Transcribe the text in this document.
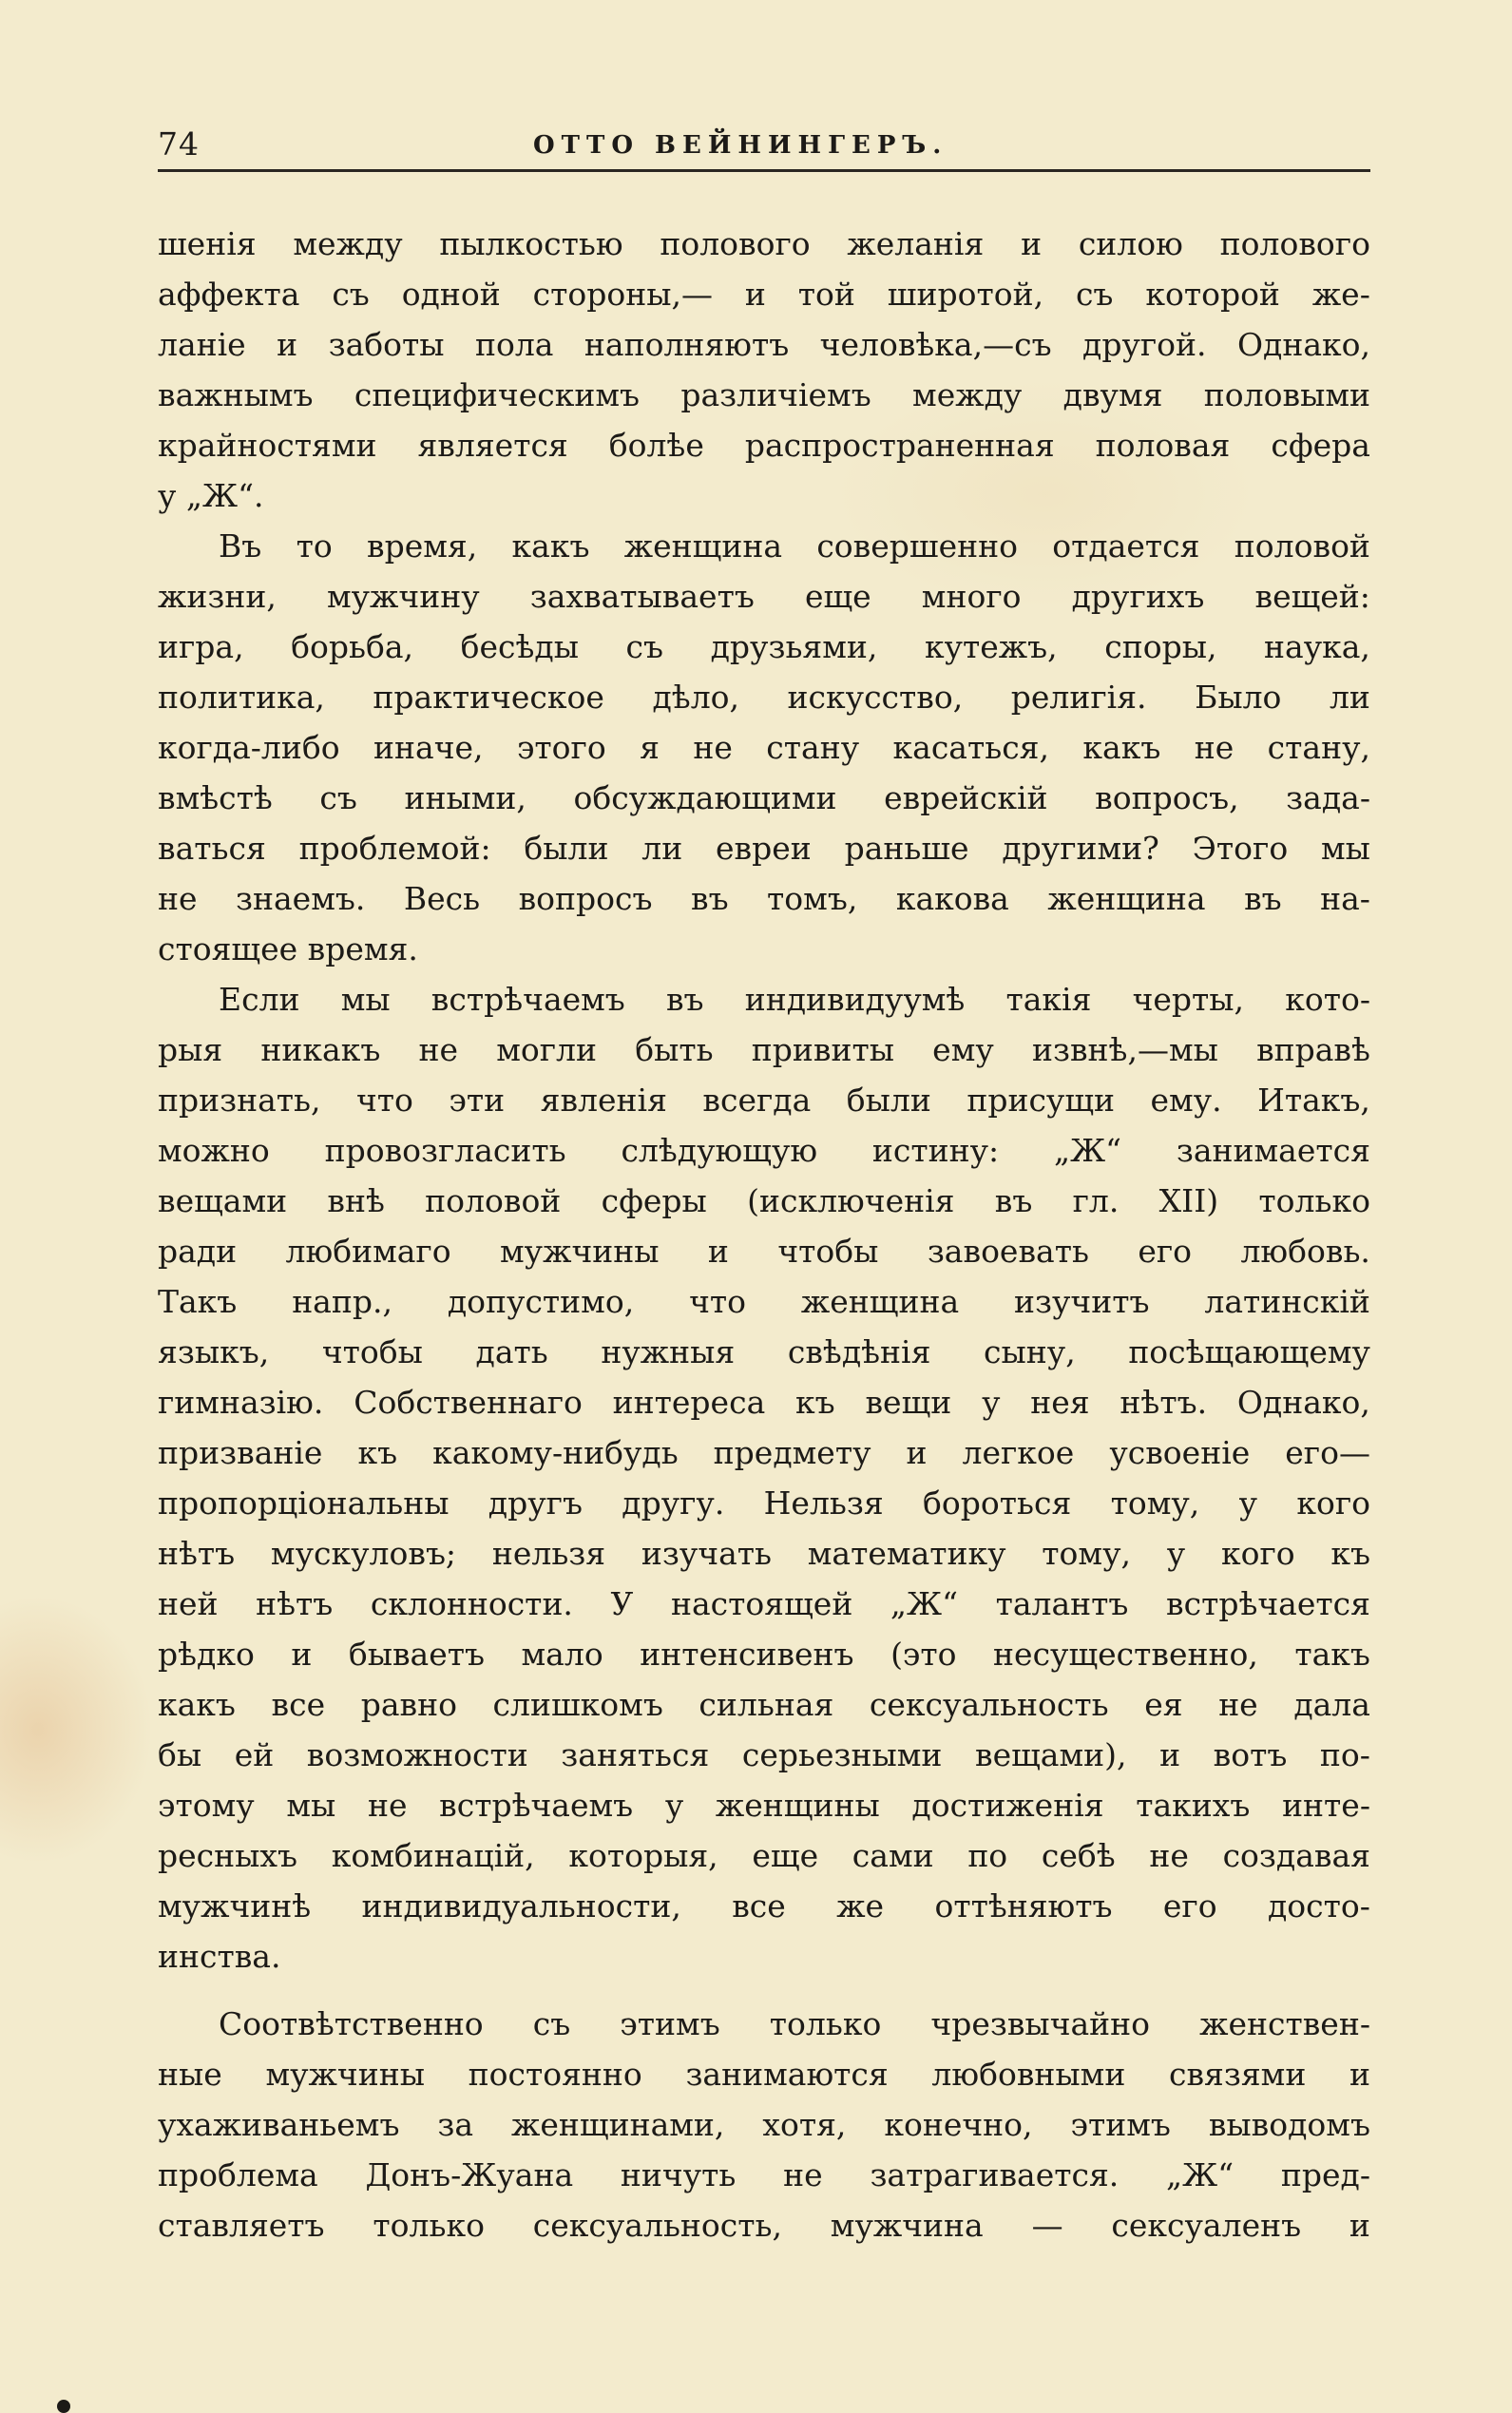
74	ОТТО ВЕЙНИНГЕРЪ.
шенія между пылкостью полового желанія и силою полового
аффекта съ одной стороны,— и той широтой, съ которой же-
ланіе и заботы пола наполняютъ человѣка,—съ другой. Однако,
важнымъ специфическимъ различіемъ между двумя половыми
крайностями является болѣе распространенная половая сфера
у „Ж“.
Въ то время, какъ женщина совершенно отдается половой
жизни, мужчину захватываетъ еще много другихъ вещей:
игра, борьба, бесѣды съ друзьями, кутежъ, споры, наука,
политика, практическое дѣло, искусство, религія. Было ли
когда-либо иначе, этого я не стану касаться, какъ не стану,
вмѣстѣ съ иными, обсуждающими еврейскій вопросъ, зада-
ваться проблемой: были ли евреи раньше другими? Этого мы
не знаемъ. Весь вопросъ въ томъ, какова женщина въ на-
стоящее время.
Если мы встрѣчаемъ въ индивидуумѣ такія черты, кото-
рыя никакъ не могли быть привиты ему извнѣ,—мы вправѣ
признать, что эти явленія всегда были присущи ему. Итакъ,
можно провозгласить слѣдующую истину: „Ж“ занимается
вещами внѣ половой сферы (исключенія въ гл. XII) только
ради любимаго мужчины и чтобы завоевать его любовь.
Такъ напр., допустимо, что женщина изучитъ латинскій
языкъ, чтобы дать нужныя свѣдѣнія сыну, посѣщающему
гимназію. Собственнаго интереса къ вещи у нея нѣтъ. Однако,
призваніе къ какому-нибудь предмету и легкое усвоеніе его—
пропорціональны другъ другу. Нельзя бороться тому, у кого
нѣтъ мускуловъ; нельзя изучать математику тому, у кого къ
ней нѣтъ склонности. У настоящей „Ж“ талантъ встрѣчается
рѣдко и бываетъ мало интенсивенъ (это несущественно, такъ
какъ все равно слишкомъ сильная сексуальность ея не дала
бы ей возможности заняться серьезными вещами), и вотъ по-
этому мы не встрѣчаемъ у женщины достиженія такихъ инте-
ресныхъ комбинацій, которыя, еще сами по себѣ не создавая
мужчинѣ индивидуальности, все же оттѣняютъ его досто-
инства.
Соотвѣтственно съ этимъ только чрезвычайно женствен-
ные мужчины постоянно занимаются любовными связями и
ухаживаньемъ за женщинами, хотя, конечно, этимъ выводомъ
проблема Донъ-Жуана ничуть не затрагивается. „Ж“ пред-
ставляетъ только сексуальность, мужчина — сексуаленъ и
